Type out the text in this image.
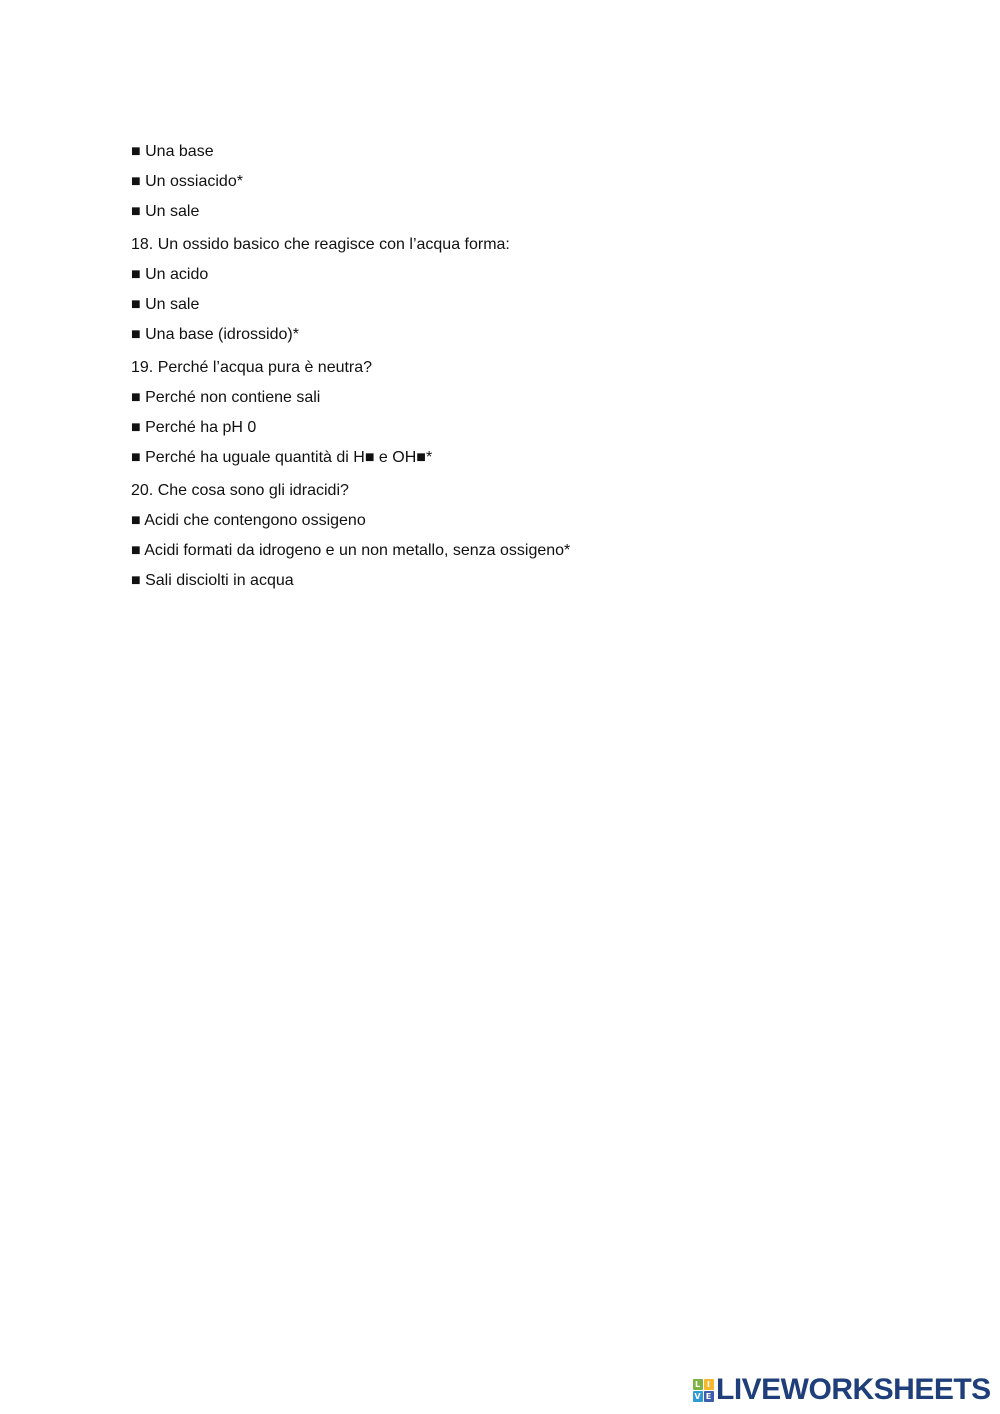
■ Una base
■ Un ossiacido*
■ Un sale
18. Un ossido basico che reagisce con l’acqua forma:
■ Un acido
■ Un sale
■ Una base (idrossido)*
19. Perché l’acqua pura è neutra?
■ Perché non contiene sali
■ Perché ha pH 0
■ Perché ha uguale quantità di H■ e OH■*
20. Che cosa sono gli idracidi?
■ Acidi che contengono ossigeno
■ Acidi formati da idrogeno e un non metallo, senza ossigeno*
■ Sali disciolti in acqua
L I
V E LIVEWORKSHEETS
